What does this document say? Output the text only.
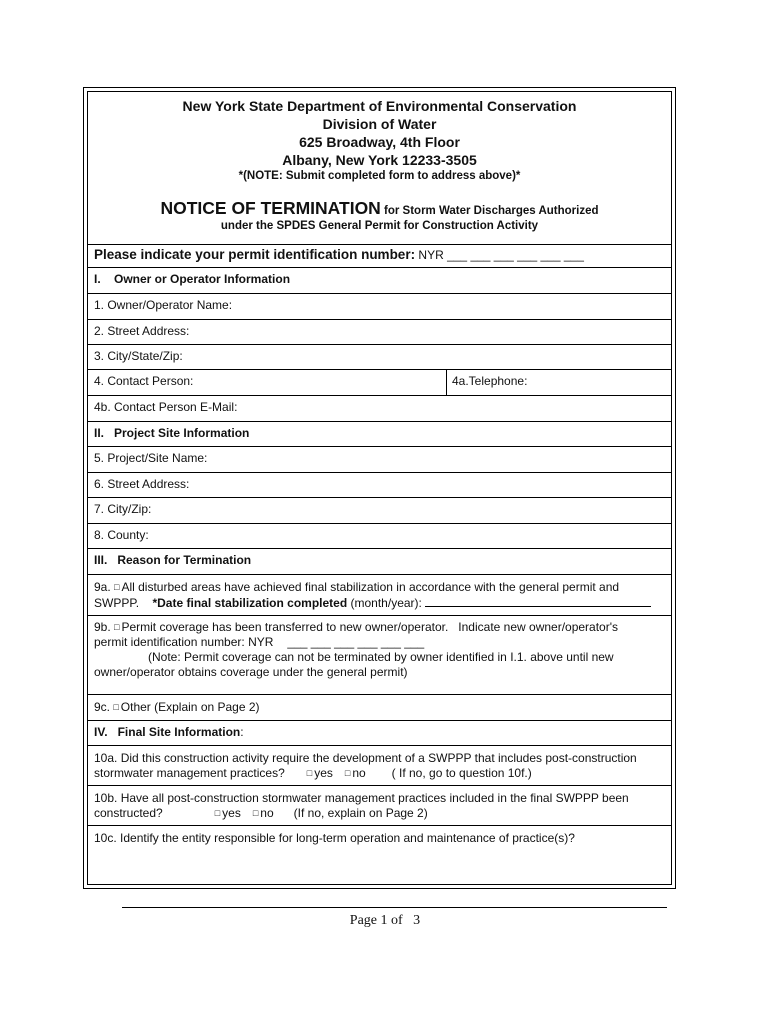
New York State Department of Environmental Conservation
Division of Water
625 Broadway, 4th Floor
Albany, New York 12233-3505
*(NOTE: Submit completed form to address above)*
NOTICE OF TERMINATION for Storm Water Discharges Authorized
under the SPDES General Permit for Construction Activity
Please indicate your permit identification number: NYR ___ ___ ___ ___ ___ ___
I.    Owner or Operator Information
1. Owner/Operator Name:
2. Street Address:
3. City/State/Zip:
4. Contact Person:	4a.Telephone:
4b. Contact Person E-Mail:
II.   Project Site Information
5. Project/Site Name:
6. Street Address:
7. City/Zip:
8. County:
III.   Reason for Termination
9a. □ All disturbed areas have achieved final stabilization in accordance with the general permit and
SWPPP.    *Date final stabilization completed (month/year):
9b. □ Permit coverage has been transferred to new owner/operator.   Indicate new owner/operator's
permit identification number: NYR ___ ___ ___ ___ ___ ___
(Note: Permit coverage can not be terminated by owner identified in I.1. above until new
owner/operator obtains coverage under the general permit)
9c. □ Other (Explain on Page 2)
IV.   Final Site Information:
10a. Did this construction activity require the development of a SWPPP that includes post-construction
stormwater management practices? □ yes □ no ( If no, go to question 10f.)
10b. Have all post-construction stormwater management practices included in the final SWPPP been
constructed?	□ yes □ no (If no, explain on Page 2)
10c. Identify the entity responsible for long-term operation and maintenance of practice(s)?
Page 1 of   3
